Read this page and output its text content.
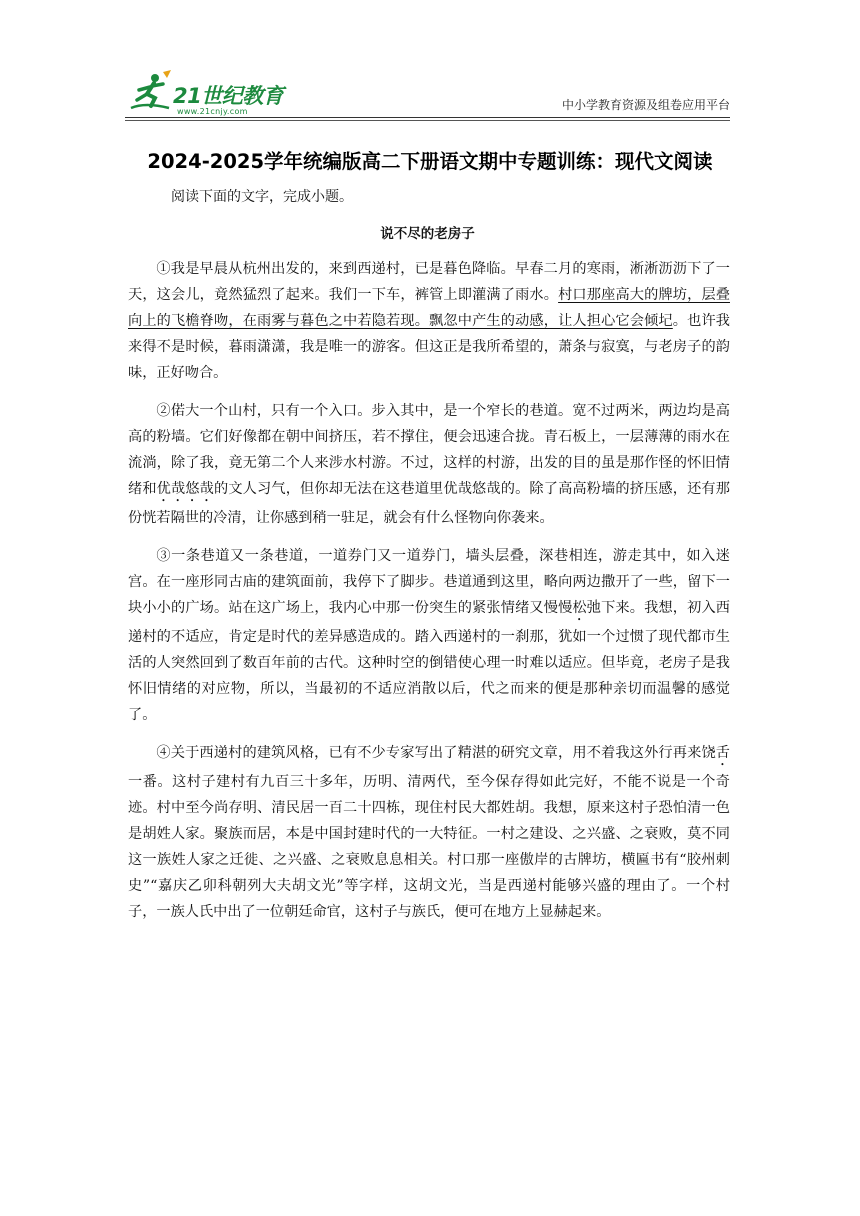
21世纪教育
www.21cnjy.com	中小学教育资源及组卷应用平台
2024-2025学年统编版高二下册语文期中专题训练：现代文阅读
阅读下面的文字，完成小题。
说不尽的老房子

①我是早晨从杭州出发的，来到西递村，已是暮色降临。早春二月的寒雨，淅淅沥沥下了一天，这会儿，竟然猛烈了起来。我们一下车，裤管上即灌满了雨水。村口那座高大的牌坊，层叠向上的飞檐脊吻，在雨雾与暮色之中若隐若现。飘忽中产生的动感，让人担心它会倾圮。也许我来得不是时候，暮雨潇潇，我是唯一的游客。但这正是我所希望的，萧条与寂寞，与老房子的韵味，正好吻合。

②偌大一个山村，只有一个入口。步入其中，是一个窄长的巷道。宽不过两米，两边均是高高的粉墙。它们好像都在朝中间挤压，若不撑住，便会迅速合拢。青石板上，一层薄薄的雨水在流淌，除了我，竟无第二个人来涉水村游。不过，这样的村游，出发的目的虽是那作怪的怀旧情绪和优哉悠哉的文人习气，但你却无法在这巷道里优哉悠哉的。除了高高粉墙的挤压感，还有那份恍若隔世的冷清，让你感到稍一驻足，就会有什么怪物向你袭来。

③一条巷道又一条巷道，一道券门又一道券门，墙头层叠，深巷相连，游走其中，如入迷宫。在一座形同古庙的建筑面前，我停下了脚步。巷道通到这里，略向两边撒开了一些，留下一块小小的广场。站在这广场上，我内心中那一份突生的紧张情绪又慢慢松弛下来。我想，初入西递村的不适应，肯定是时代的差异感造成的。踏入西递村的一刹那，犹如一个过惯了现代都市生活的人突然回到了数百年前的古代。这种时空的倒错使心理一时难以适应。但毕竟，老房子是我怀旧情绪的对应物，所以，当最初的不适应消散以后，代之而来的便是那种亲切而温馨的感觉了。

④关于西递村的建筑风格，已有不少专家写出了精湛的研究文章，用不着我这外行再来饶舌一番。这村子建村有九百三十多年，历明、清两代，至今保存得如此完好，不能不说是一个奇迹。村中至今尚存明、清民居一百二十四栋，现住村民大都姓胡。我想，原来这村子恐怕清一色是胡姓人家。聚族而居，本是中国封建时代的一大特征。一村之建设、之兴盛、之衰败，莫不同这一族姓人家之迁徙、之兴盛、之衰败息息相关。村口那一座傲岸的古牌坊，横匾书有“胶州刺史”“嘉庆乙卯科朝列大夫胡文光”等字样，这胡文光，当是西递村能够兴盛的理由了。一个村子，一族人氏中出了一位朝廷命官，这村子与族氏，便可在地方上显赫起来。
